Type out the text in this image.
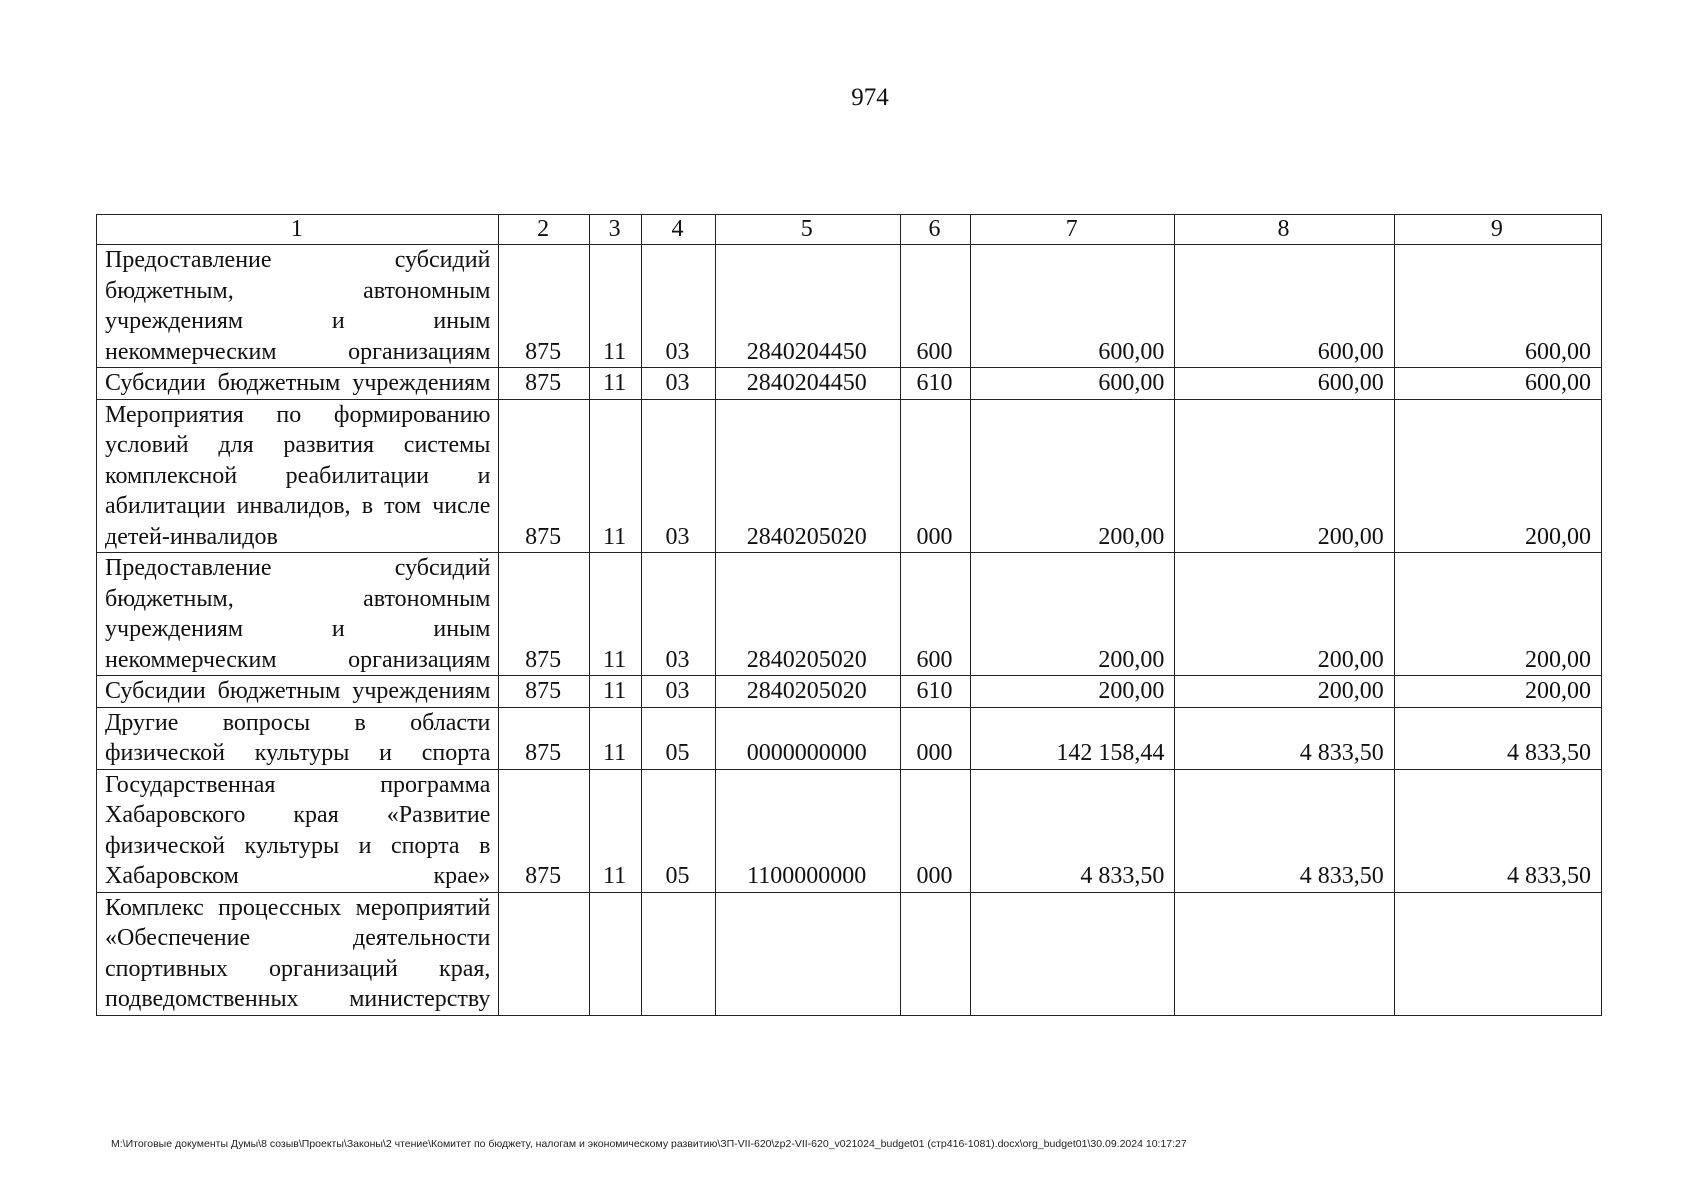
974
1	2	3	4	5	6	7	8	9
Предоставление субсидий бюджетным, автономным учреждениям и иным некоммерческим организациям	875	11	03	2840204450	600	600,00	600,00	600,00
Субсидии бюджетным учреждениям	875	11	03	2840204450	610	600,00	600,00	600,00
Мероприятия по формированию условий для развития системы комплексной реабилитации и абилитации инвалидов, в том числе детей-инвалидов	875	11	03	2840205020	000	200,00	200,00	200,00
Предоставление субсидий бюджетным, автономным учреждениям и иным некоммерческим организациям	875	11	03	2840205020	600	200,00	200,00	200,00
Субсидии бюджетным учреждениям	875	11	03	2840205020	610	200,00	200,00	200,00
Другие вопросы в области физической культуры и спорта	875	11	05	0000000000	000	142 158,44	4 833,50	4 833,50
Государственная программа Хабаровского края «Развитие физической культуры и спорта в Хабаровском крае»	875	11	05	1100000000	000	4 833,50	4 833,50	4 833,50
Комплекс процессных мероприятий «Обеспечение деятельности спортивных организаций края, подведомственных министерству								
M:\Итоговые документы Думы\8 созыв\Проекты\Законы\2 чтение\Комитет по бюджету, налогам и экономическому развитию\ЗП-VII-620\zp2-VII-620_v021024_budget01 (стр416-1081).docx\org_budget01\30.09.2024 10:17:27
